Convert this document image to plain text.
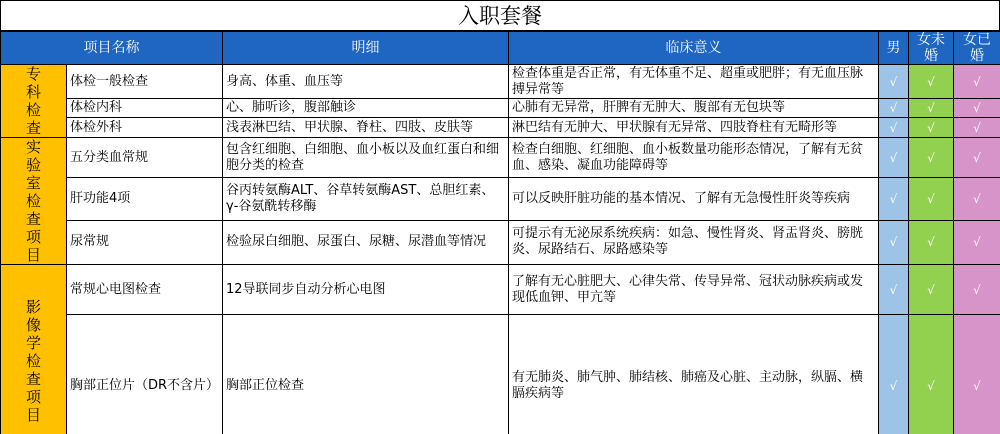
入职套餐
项目名称		明细	临床意义	男	女未婚	女已婚
专科检查	体检一般检查	身高、体重、血压等	检查体重是否正常，有无体重不足、超重或肥胖；有无血压脉搏异常等	√	√	√
	体检内科	心、肺听诊，腹部触诊	心肺有无异常，肝脾有无肿大、腹部有无包块等	√	√	√
	体检外科	浅表淋巴结、甲状腺、脊柱、四肢、皮肤等	淋巴结有无肿大、甲状腺有无异常、四肢脊柱有无畸形等	√	√	√
实验室检查项目	五分类血常规	包含红细胞、白细胞、血小板以及血红蛋白和细胞分类的检查	检查白细胞、红细胞、血小板数量功能形态情况，了解有无贫血、感染、凝血功能障碍等	√	√	√
	肝功能4项	谷丙转氨酶ALT、谷草转氨酶AST、总胆红素、γ-谷氨酰转移酶	可以反映肝脏功能的基本情况、了解有无急慢性肝炎等疾病	√	√	√
	尿常规	检验尿白细胞、尿蛋白、尿糖、尿潜血等情况	可提示有无泌尿系统疾病：如急、慢性肾炎、肾盂肾炎、膀胱炎、尿路结石、尿路感染等	√	√	√
影像学检查项目	常规心电图检查	12导联同步自动分析心电图	了解有无心脏肥大、心律失常、传导异常、冠状动脉疾病或发现低血钾、甲亢等	√	√	√
	胸部正位片（DR不含片）	胸部正位检查	有无肺炎、肺气肿、肺结核、肺癌及心脏、主动脉，纵膈、横膈疾病等	√	√	√
